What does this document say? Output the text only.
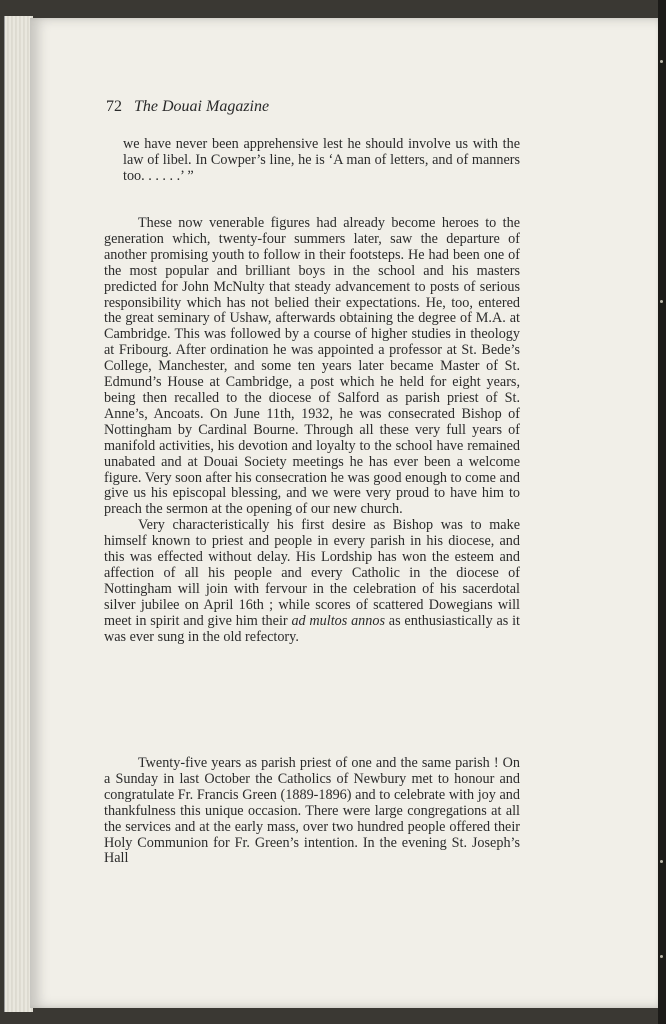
72 The Douai Magazine

we have never been apprehensive lest he should involve us with the law of libel. In Cowper’s line, he is ‘A man of letters, and of manners too. . . . . .’ ”

These now venerable figures had already become heroes to the generation which, twenty-four summers later, saw the departure of another promising youth to follow in their footsteps. He had been one of the most popular and brilliant boys in the school and his masters predicted for John McNulty that steady advancement to posts of serious responsibility which has not belied their expectations. He, too, entered the great seminary of Ushaw, afterwards obtaining the degree of M.A. at Cambridge. This was followed by a course of higher studies in theology at Fribourg. After ordination he was appointed a professor at St. Bede’s College, Manchester, and some ten years later became Master of St. Edmund’s House at Cambridge, a post which he held for eight years, being then recalled to the diocese of Salford as parish priest of St. Anne’s, Ancoats. On June 11th, 1932, he was consecrated Bishop of Nottingham by Cardinal Bourne. Through all these very full years of manifold activities, his devotion and loyalty to the school have remained unabated and at Douai Society meetings he has ever been a welcome figure. Very soon after his consecration he was good enough to come and give us his episcopal blessing, and we were very proud to have him to preach the sermon at the opening of our new church.

Very characteristically his first desire as Bishop was to make himself known to priest and people in every parish in his diocese, and this was effected without delay. His Lordship has won the esteem and affection of all his people and every Catholic in the diocese of Nottingham will join with fervour in the celebration of his sacerdotal silver jubilee on April 16th ; while scores of scattered Dowegians will meet in spirit and give him their ad multos annos as enthusiastically as it was ever sung in the old refectory.

Twenty-five years as parish priest of one and the same parish ! On a Sunday in last October the Catholics of Newbury met to honour and congratulate Fr. Francis Green (1889-1896) and to celebrate with joy and thankfulness this unique occasion. There were large congregations at all the services and at the early mass, over two hundred people offered their Holy Communion for Fr. Green’s intention. In the evening St. Joseph’s Hall
